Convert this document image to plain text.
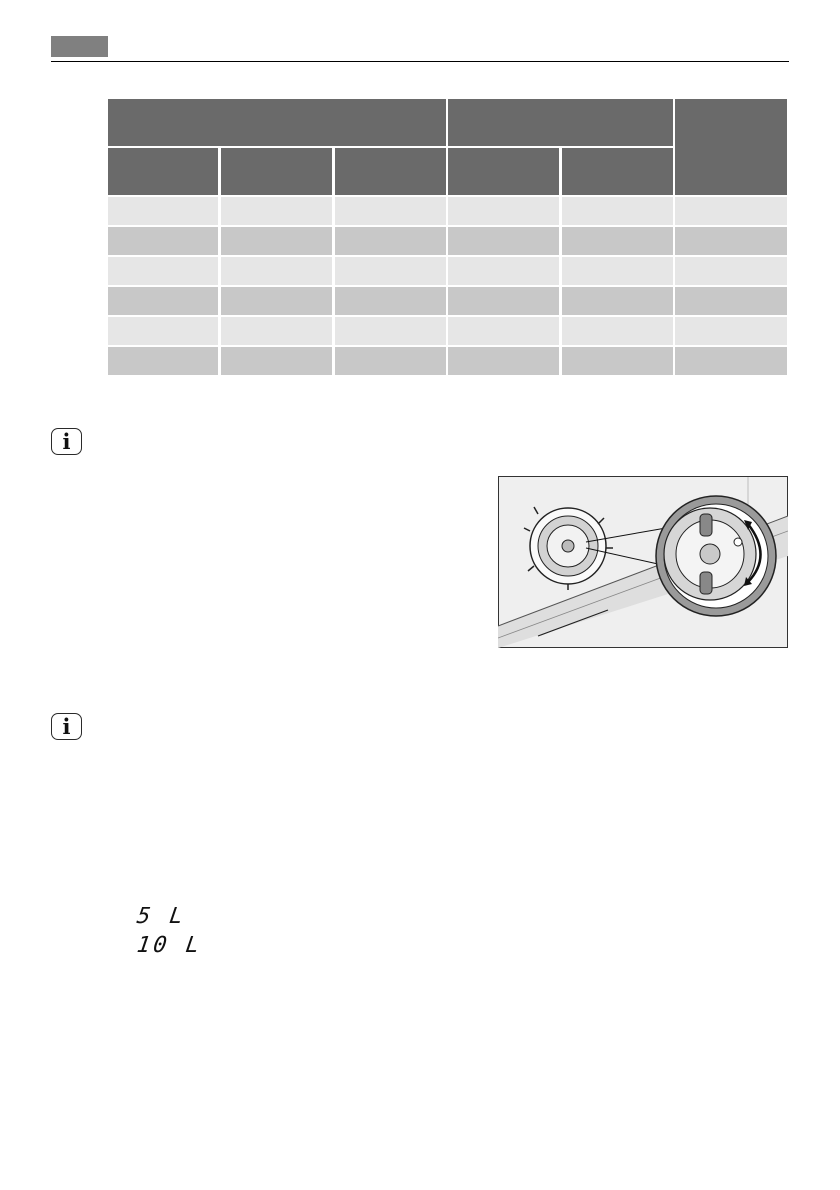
i
i
5 L
10 L
